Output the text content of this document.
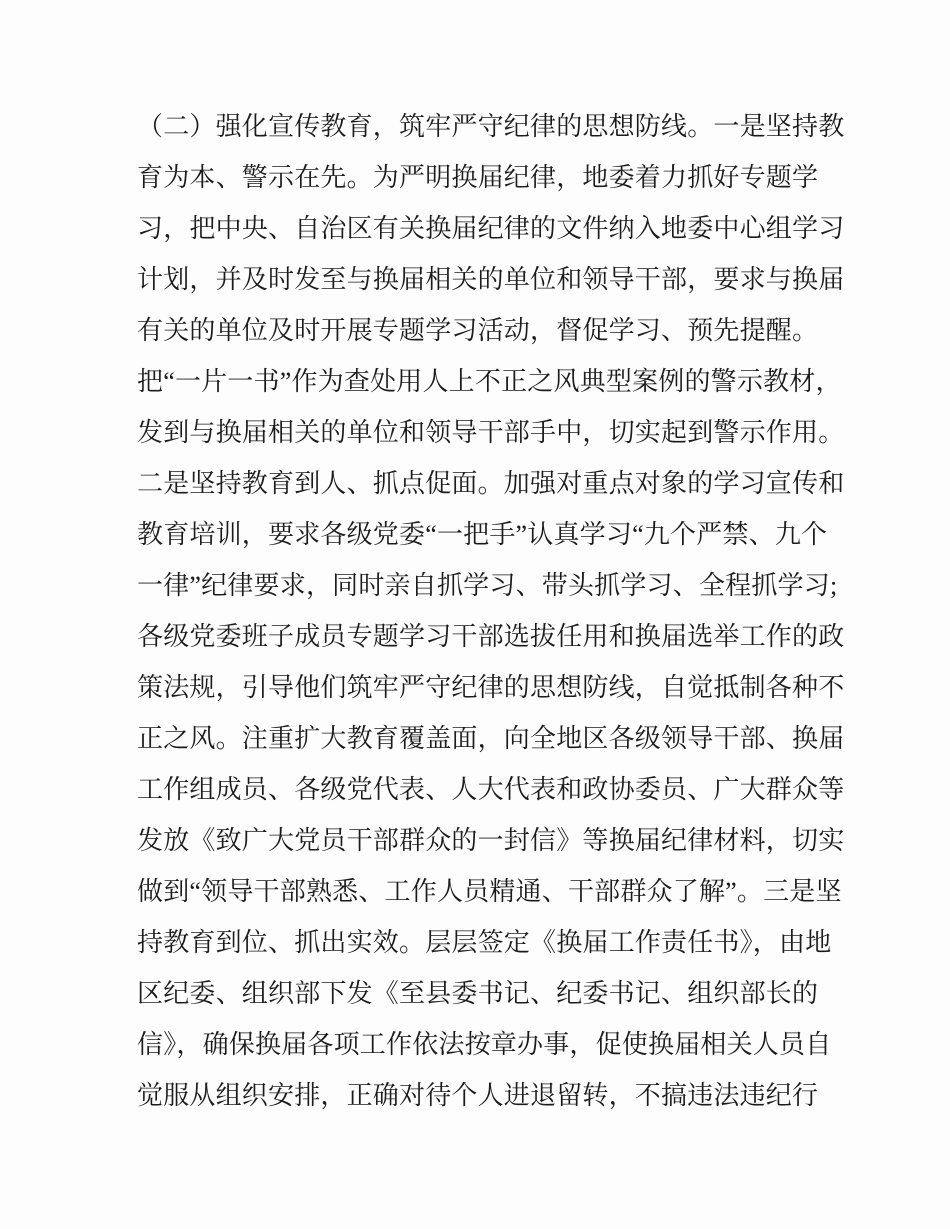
（二）强化宣传教育，筑牢严守纪律的思想防线。一是坚持教
育为本、警示在先。为严明换届纪律，地委着力抓好专题学
习，把中央、自治区有关换届纪律的文件纳入地委中心组学习
计划，并及时发至与换届相关的单位和领导干部，要求与换届
有关的单位及时开展专题学习活动，督促学习、预先提醒。
把“一片一书”作为查处用人上不正之风典型案例的警示教材，
发到与换届相关的单位和领导干部手中，切实起到警示作用。
二是坚持教育到人、抓点促面。加强对重点对象的学习宣传和
教育培训，要求各级党委“一把手”认真学习“九个严禁、九个
一律”纪律要求，同时亲自抓学习、带头抓学习、全程抓学习;
各级党委班子成员专题学习干部选拔任用和换届选举工作的政
策法规，引导他们筑牢严守纪律的思想防线，自觉抵制各种不
正之风。注重扩大教育覆盖面，向全地区各级领导干部、换届
工作组成员、各级党代表、人大代表和政协委员、广大群众等
发放《致广大党员干部群众的一封信》等换届纪律材料，切实
做到“领导干部熟悉、工作人员精通、干部群众了解”。三是坚
持教育到位、抓出实效。层层签定《换届工作责任书》，由地
区纪委、组织部下发《至县委书记、纪委书记、组织部长的
信》，确保换届各项工作依法按章办事，促使换届相关人员自
觉服从组织安排，正确对待个人进退留转，不搞违法违纪行
